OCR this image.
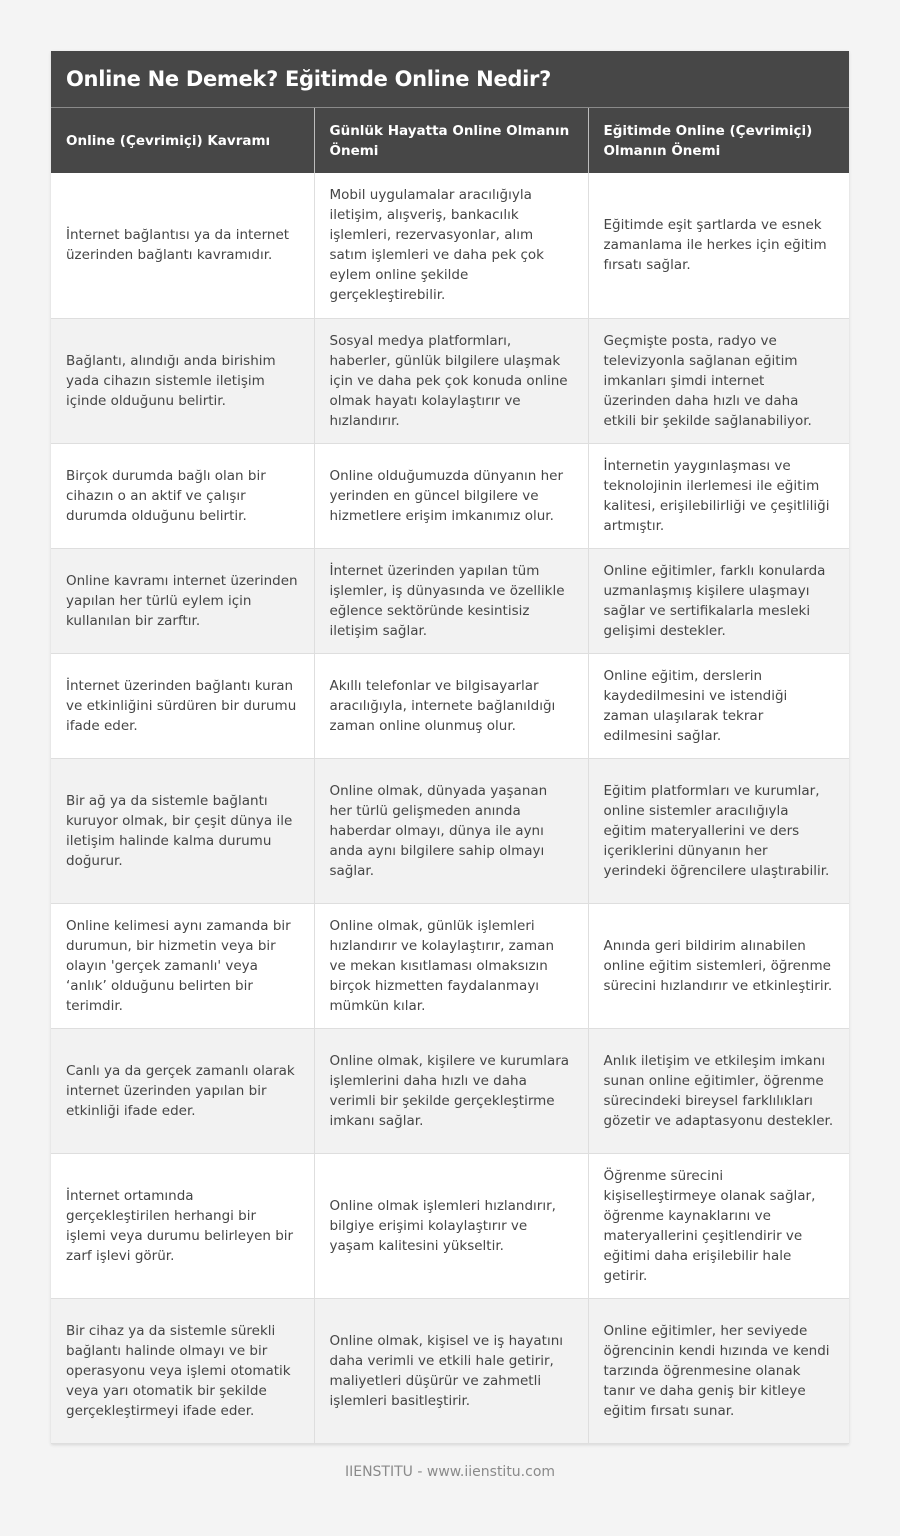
Online Ne Demek? Eğitimde Online Nedir?
Online (Çevrimiçi) Kavramı	Günlük Hayatta Online Olmanın Önemi	Eğitimde Online (Çevrimiçi) Olmanın Önemi
İnternet bağlantısı ya da internet üzerinden bağlantı kavramıdır.	Mobil uygulamalar aracılığıyla iletişim, alışveriş, bankacılık işlemleri, rezervasyonlar, alım satım işlemleri ve daha pek çok eylem online şekilde gerçekleştirebilir.	Eğitimde eşit şartlarda ve esnek zamanlama ile herkes için eğitim fırsatı sağlar.
Bağlantı, alındığı anda birishim yada cihazın sistemle iletişim içinde olduğunu belirtir.	Sosyal medya platformları, haberler, günlük bilgilere ulaşmak için ve daha pek çok konuda online olmak hayatı kolaylaştırır ve hızlandırır.	Geçmişte posta, radyo ve televizyonla sağlanan eğitim imkanları şimdi internet üzerinden daha hızlı ve daha etkili bir şekilde sağlanabiliyor.
Birçok durumda bağlı olan bir cihazın o an aktif ve çalışır durumda olduğunu belirtir.	Online olduğumuzda dünyanın her yerinden en güncel bilgilere ve hizmetlere erişim imkanımız olur.	İnternetin yaygınlaşması ve teknolojinin ilerlemesi ile eğitim kalitesi, erişilebilirliği ve çeşitliliği artmıştır.
Online kavramı internet üzerinden yapılan her türlü eylem için kullanılan bir zarftır.	İnternet üzerinden yapılan tüm işlemler, iş dünyasında ve özellikle eğlence sektöründe kesintisiz iletişim sağlar.	Online eğitimler, farklı konularda uzmanlaşmış kişilere ulaşmayı sağlar ve sertifikalarla mesleki gelişimi destekler.
İnternet üzerinden bağlantı kuran ve etkinliğini sürdüren bir durumu ifade eder.	Akıllı telefonlar ve bilgisayarlar aracılığıyla, internete bağlanıldığı zaman online olunmuş olur.	Online eğitim, derslerin kaydedilmesini ve istendiği zaman ulaşılarak tekrar edilmesini sağlar.
Bir ağ ya da sistemle bağlantı kuruyor olmak, bir çeşit dünya ile iletişim halinde kalma durumu doğurur.	Online olmak, dünyada yaşanan her türlü gelişmeden anında haberdar olmayı, dünya ile aynı anda aynı bilgilere sahip olmayı sağlar.	Eğitim platformları ve kurumlar, online sistemler aracılığıyla eğitim materyallerini ve ders içeriklerini dünyanın her yerindeki öğrencilere ulaştırabilir.
Online kelimesi aynı zamanda bir durumun, bir hizmetin veya bir olayın 'gerçek zamanlı' veya ‘anlık’ olduğunu belirten bir terimdir.	Online olmak, günlük işlemleri hızlandırır ve kolaylaştırır, zaman ve mekan kısıtlaması olmaksızın birçok hizmetten faydalanmayı mümkün kılar.	Anında geri bildirim alınabilen online eğitim sistemleri, öğrenme sürecini hızlandırır ve etkinleştirir.
Canlı ya da gerçek zamanlı olarak internet üzerinden yapılan bir etkinliği ifade eder.	Online olmak, kişilere ve kurumlara işlemlerini daha hızlı ve daha verimli bir şekilde gerçekleştirme imkanı sağlar.	Anlık iletişim ve etkileşim imkanı sunan online eğitimler, öğrenme sürecindeki bireysel farklılıkları gözetir ve adaptasyonu destekler.
İnternet ortamında gerçekleştirilen herhangi bir işlemi veya durumu belirleyen bir zarf işlevi görür.	Online olmak işlemleri hızlandırır, bilgiye erişimi kolaylaştırır ve yaşam kalitesini yükseltir.	Öğrenme sürecini kişiselleştirmeye olanak sağlar, öğrenme kaynaklarını ve materyallerini çeşitlendirir ve eğitimi daha erişilebilir hale getirir.
Bir cihaz ya da sistemle sürekli bağlantı halinde olmayı ve bir operasyonu veya işlemi otomatik veya yarı otomatik bir şekilde gerçekleştirmeyi ifade eder.	Online olmak, kişisel ve iş hayatını daha verimli ve etkili hale getirir, maliyetleri düşürür ve zahmetli işlemleri basitleştirir.	Online eğitimler, her seviyede öğrencinin kendi hızında ve kendi tarzında öğrenmesine olanak tanır ve daha geniş bir kitleye eğitim fırsatı sunar.
IIENSTITU - www.iienstitu.com
